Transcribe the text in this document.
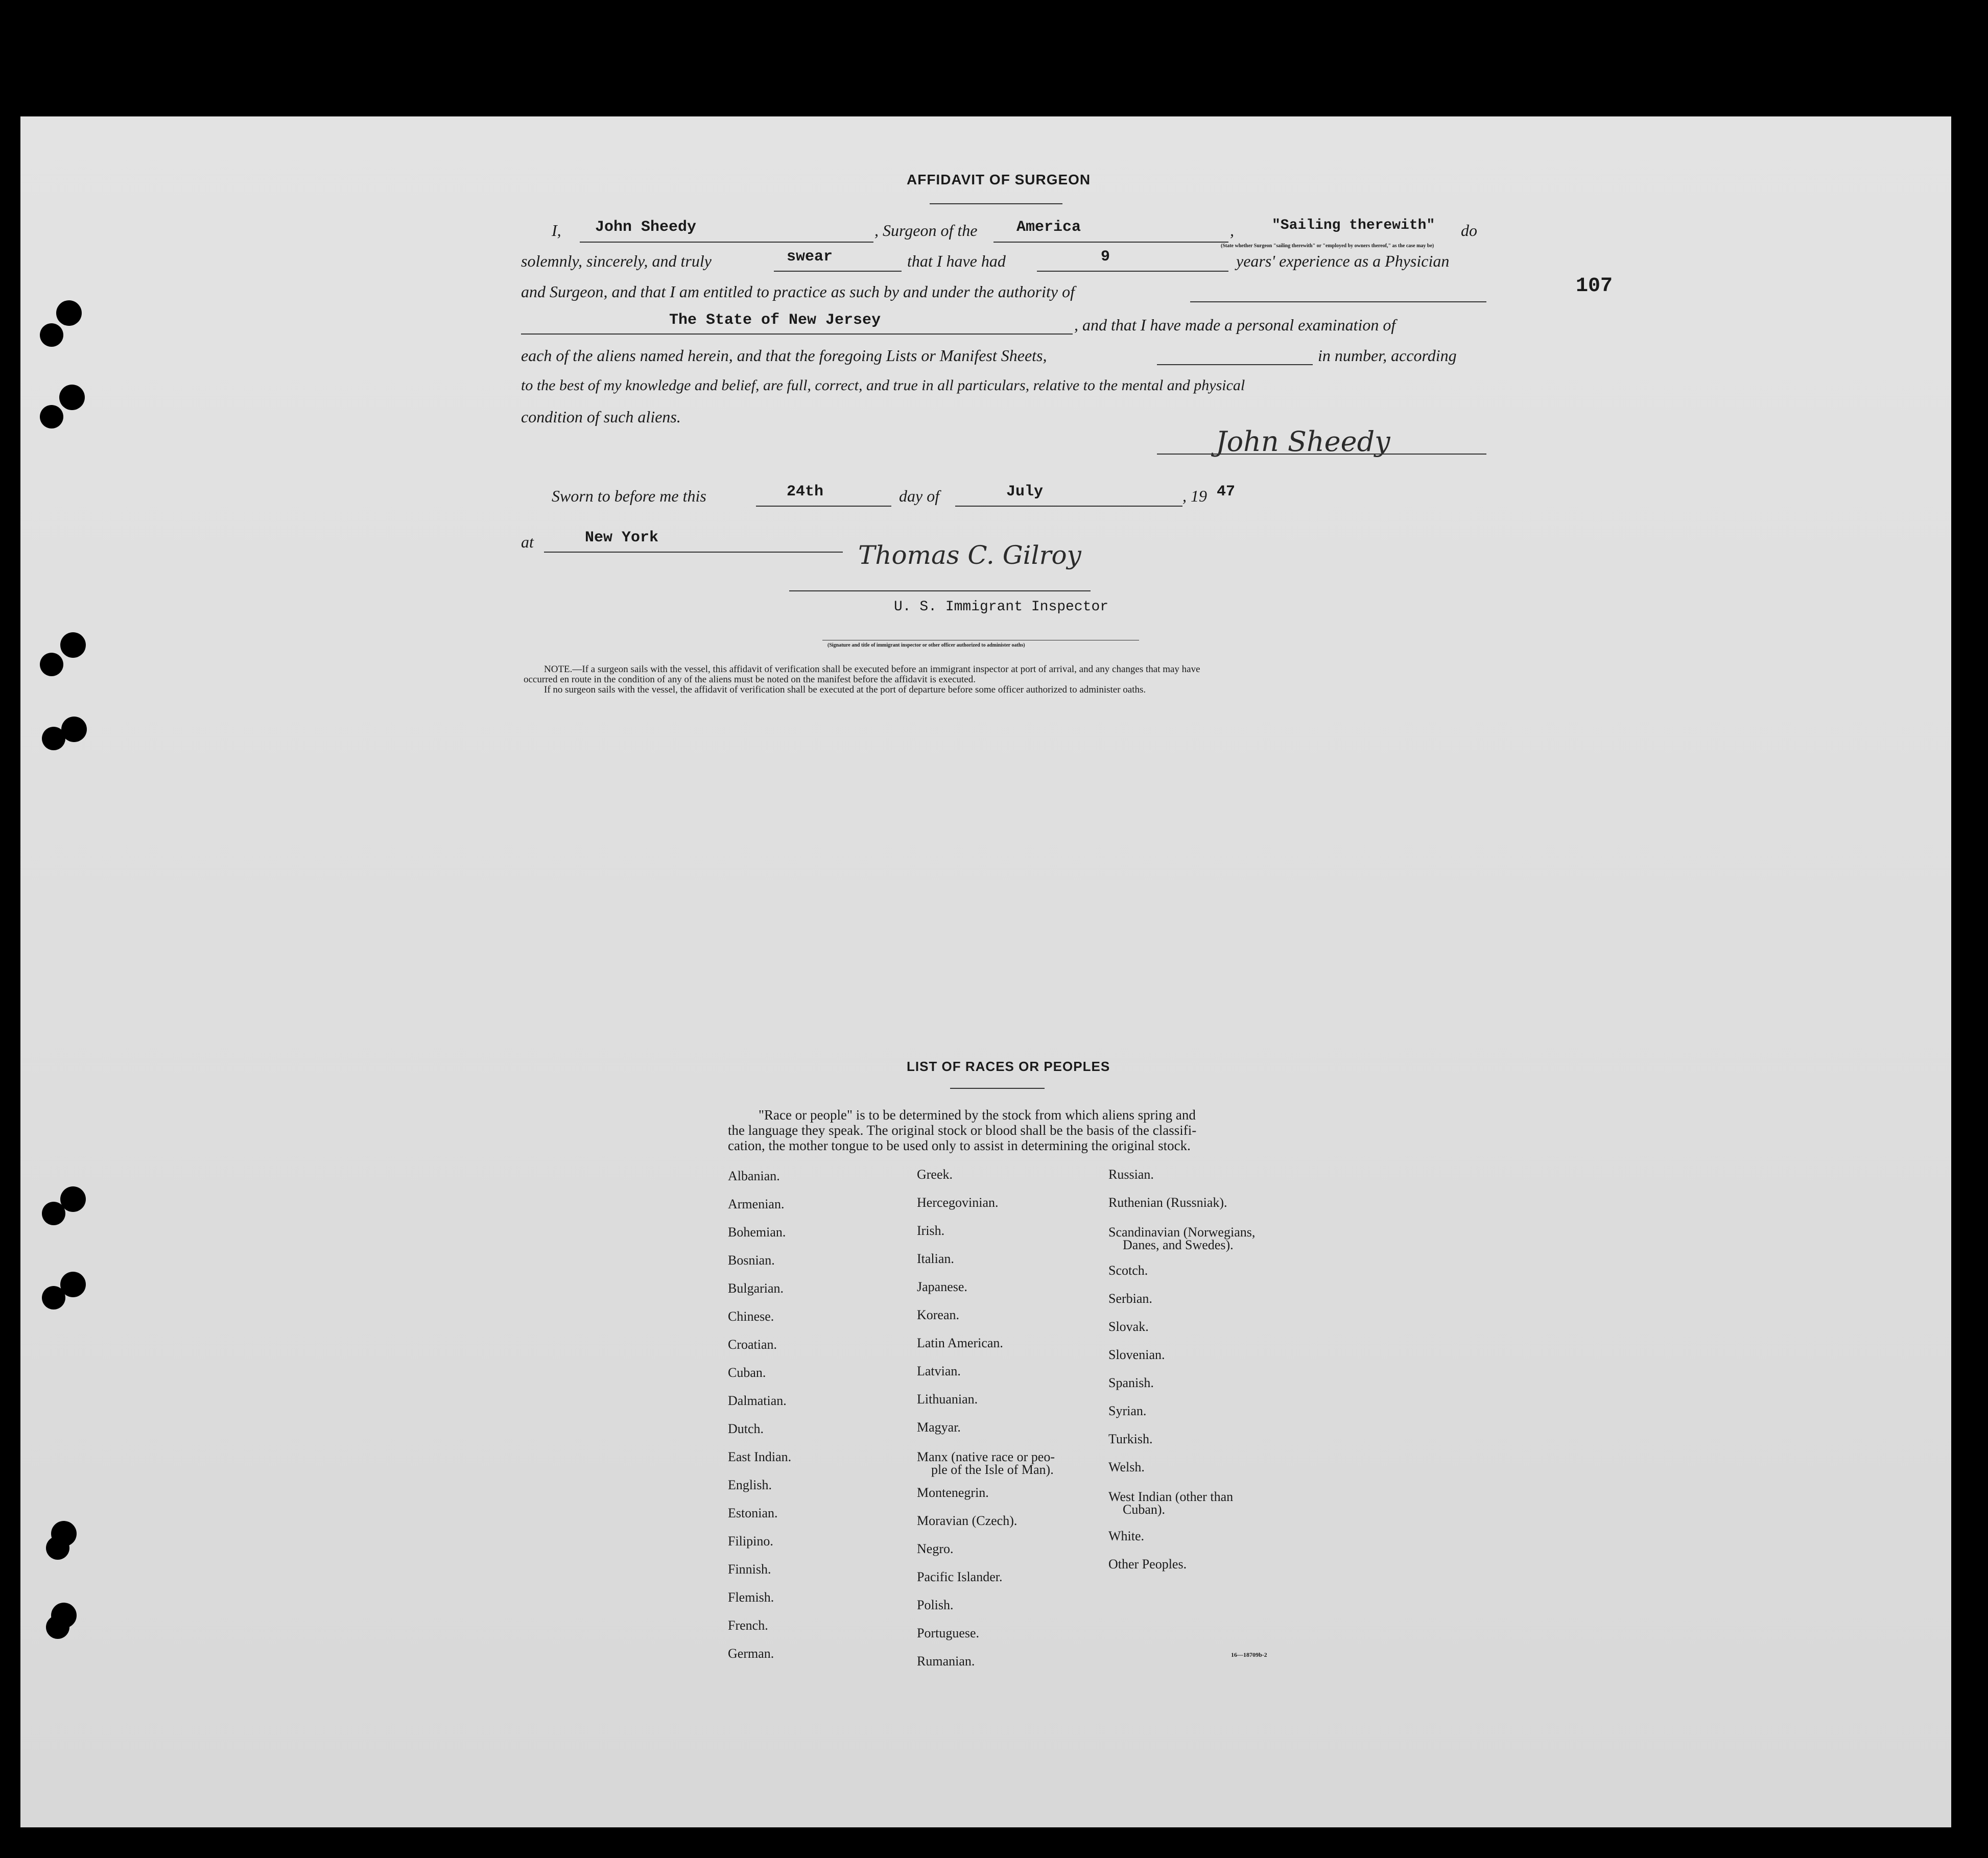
107
AFFIDAVIT OF SURGEON
I, John Sheedy	, Surgeon of the	America	,	"Sailing therewith" do
(State whether Surgeon "sailing therewith" or "employed by owners thereof," as the case may be)
solemnly, sincerely, and truly	swear	that I have had	9	years' experience as a Physician
and Surgeon, and that I am entitled to practice as such by and under the authority of
The State of New Jersey	, and that I have made a personal examination of
each of the aliens named herein, and that the foregoing Lists or Manifest Sheets,	in number, according
to the best of my knowledge and belief, are full, correct, and true in all particulars, relative to the mental and physical
condition of such aliens.
John Sheedy
Sworn to before me this	24th	day of	July	, 19 47
at	New York
Thomas C. Gilroy
U. S. Immigrant Inspector
(Signature and title of immigrant inspector or other officer authorized to administer oaths)
NOTE.—If a surgeon sails with the vessel, this affidavit of verification shall be executed before an immigrant inspector at port of arrival, and any changes that may have
occurred en route in the condition of any of the aliens must be noted on the manifest before the affidavit is executed.
If no surgeon sails with the vessel, the affidavit of verification shall be executed at the port of departure before some officer authorized to administer oaths.
LIST OF RACES OR PEOPLES
"Race or people" is to be determined by the stock from which aliens spring and
the language they speak. The original stock or blood shall be the basis of the classifi-
cation, the mother tongue to be used only to assist in determining the original stock.
Albanian.
Armenian.
Bohemian.
Bosnian.
Bulgarian.
Chinese.
Croatian.
Cuban.
Dalmatian.
Dutch.
East Indian.
English.
Estonian.
Filipino.
Finnish.
Flemish.
French.
German.
Greek.
Hercegovinian.
Irish.
Italian.
Japanese.
Korean.
Latin American.
Latvian.
Lithuanian.
Magyar.
Manx (native race or peo-
ple of the Isle of Man).
Montenegrin.
Moravian (Czech).
Negro.
Pacific Islander.
Polish.
Portuguese.
Rumanian.
Russian.
Ruthenian (Russniak).
Scandinavian (Norwegians,
Danes, and Swedes).
Scotch.
Serbian.
Slovak.
Slovenian.
Spanish.
Syrian.
Turkish.
Welsh.
West Indian (other than
Cuban).
White.
Other Peoples.
16—18709b-2
